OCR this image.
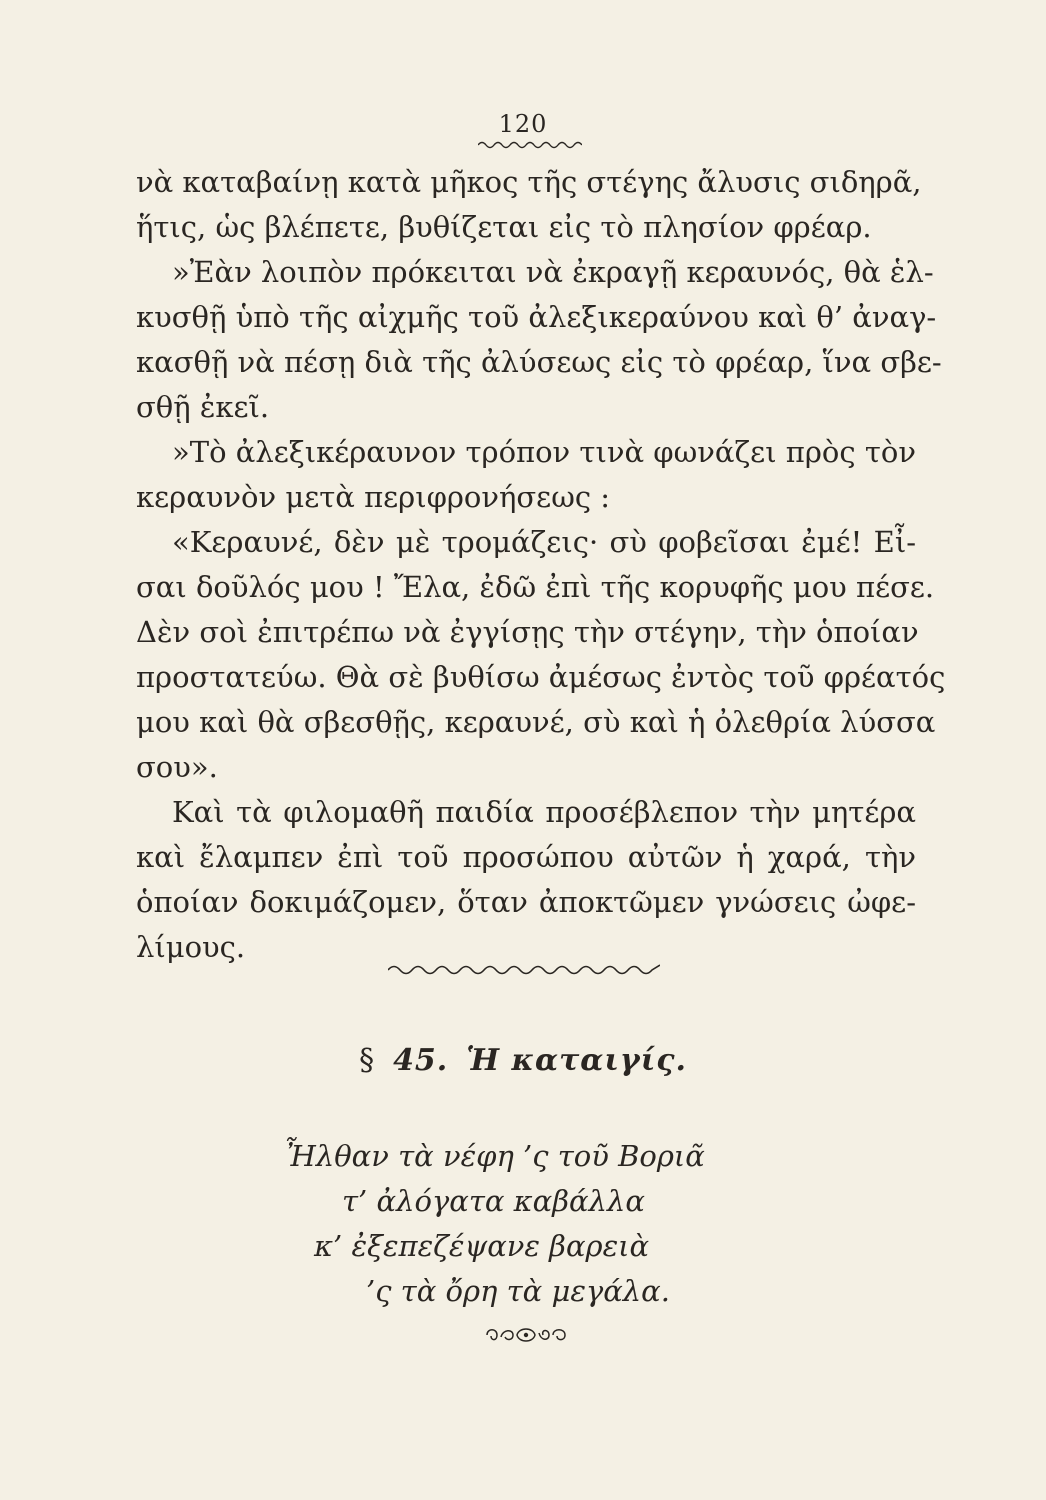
120
νὰ καταβαίνῃ κατὰ μῆκος τῆς στέγης ἄλυσις σιδηρᾶ,
ἥτις, ὡς βλέπετε, βυθίζεται εἰς τὸ πλησίον φρέαρ.
»Ἐὰν λοιπὸν πρόκειται νὰ ἐκραγῇ κεραυνός, θὰ ἑλ-
κυσθῇ ὑπὸ τῆς αἰχμῆς τοῦ ἀλεξικεραύνου καὶ θ’ ἀναγ-
κασθῇ νὰ πέσῃ διὰ τῆς ἀλύσεως εἰς τὸ φρέαρ, ἵνα σβε-
σθῇ ἐκεῖ.
»Τὸ ἀλεξικέραυνον τρόπον τινὰ φωνάζει πρὸς τὸν
κεραυνὸν μετὰ περιφρονήσεως :
«Κεραυνέ, δὲν μὲ τρομάζεις· σὺ φοβεῖσαι ἐμέ! Εἶ-
σαι δοῦλός μου ! Ἔλα, ἐδῶ ἐπὶ τῆς κορυφῆς μου πέσε.
Δὲν σοὶ ἐπιτρέπω νὰ ἐγγίσῃς τὴν στέγην, τὴν ὁποίαν
προστατεύω. Θὰ σὲ βυθίσω ἀμέσως ἐντὸς τοῦ φρέατός
μου καὶ θὰ σβεσθῇς, κεραυνέ, σὺ καὶ ἡ ὀλεθρία λύσσα
σου».
Καὶ τὰ φιλομαθῆ παιδία προσέβλεπον τὴν μητέρα
καὶ ἔλαμπεν ἐπὶ τοῦ προσώπου αὐτῶν ἡ χαρά, τὴν
ὁποίαν δοκιμάζομεν, ὅταν ἀποκτῶμεν γνώσεις ὠφε-
λίμους.
§ 45. Ἡ καταιγίς.
Ἦλθαν τὰ νέφη ’ς τοῦ Βοριᾶ
τ’ ἀλόγατα καβάλλα
κ’ ἐξεπεζέψανε βαρειὰ
’ς τὰ ὄρη τὰ μεγάλα.
